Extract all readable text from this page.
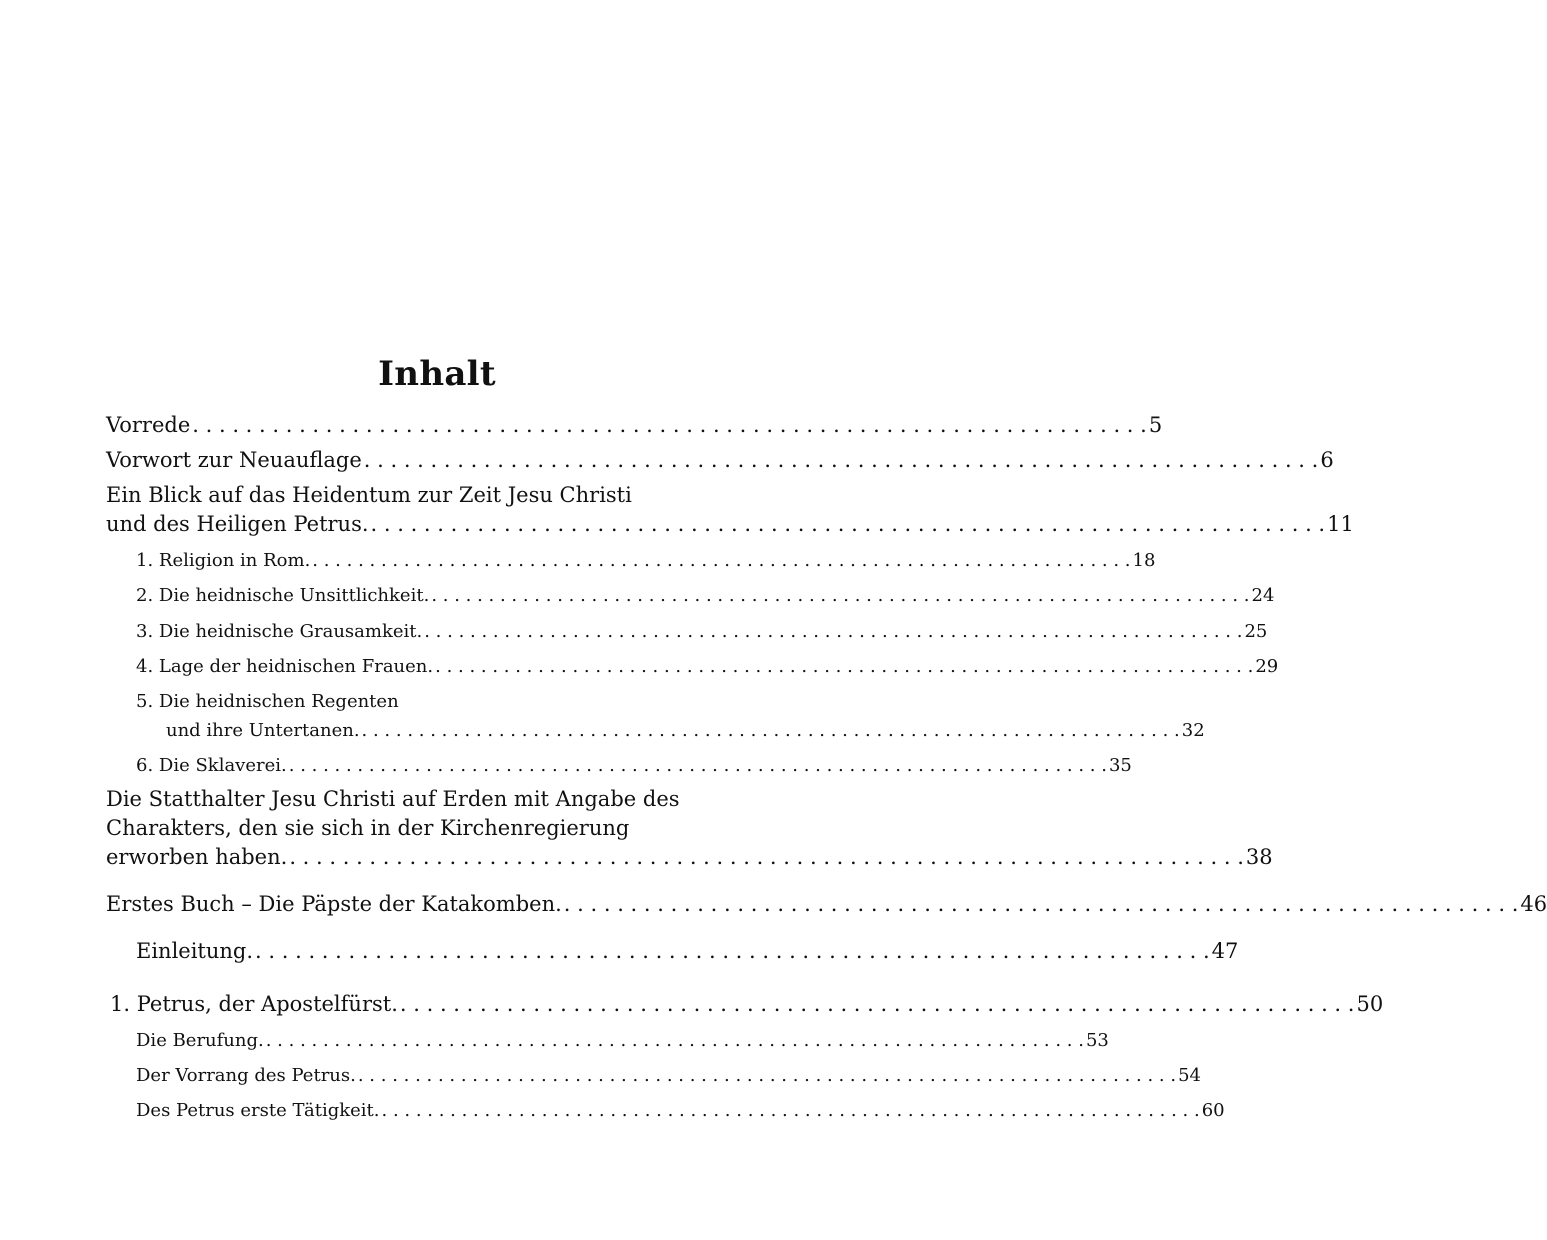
Inhalt
Vorrede . . . . . . . . . . . . . . . . . . . . . . . . . . . . . . . . . . . . . . . . . . . . . . . . . . . . . . . . . . . . . . . . . . . . . . . . 5
Vorwort zur Neuauflage . . . . . . . . . . . . . . . . . . . . . . . . . . . . . . . . . . . . . . . . . . . . . . . . . . . . . . . . . . . . . . . . . . . . . . . . 6
Ein Blick auf das Heidentum zur Zeit Jesu Christi
und des Heiligen Petrus. . . . . . . . . . . . . . . . . . . . . . . . . . . . . . . . . . . . . . . . . . . . . . . . . . . . . . . . . . . . . . . . . . . . . . . . . 11
1. Religion in Rom. . . . . . . . . . . . . . . . . . . . . . . . . . . . . . . . . . . . . . . . . . . . . . . . . . . . . . . . . . . . . . . . . . . . . . . . . 18
2. Die heidnische Unsittlichkeit. . . . . . . . . . . . . . . . . . . . . . . . . . . . . . . . . . . . . . . . . . . . . . . . . . . . . . . . . . . . . . . . . . . . . . . . . 24
3. Die heidnische Grausamkeit. . . . . . . . . . . . . . . . . . . . . . . . . . . . . . . . . . . . . . . . . . . . . . . . . . . . . . . . . . . . . . . . . . . . . . . . . 25
4. Lage der heidnischen Frauen. . . . . . . . . . . . . . . . . . . . . . . . . . . . . . . . . . . . . . . . . . . . . . . . . . . . . . . . . . . . . . . . . . . . . . . . . 29
5. Die heidnischen Regenten
und ihre Untertanen. . . . . . . . . . . . . . . . . . . . . . . . . . . . . . . . . . . . . . . . . . . . . . . . . . . . . . . . . . . . . . . . . . . . . . . . . 32
6. Die Sklaverei. . . . . . . . . . . . . . . . . . . . . . . . . . . . . . . . . . . . . . . . . . . . . . . . . . . . . . . . . . . . . . . . . . . . . . . . . 35
Die Statthalter Jesu Christi auf Erden mit Angabe des
Charakters, den sie sich in der Kirchenregierung
erworben haben. . . . . . . . . . . . . . . . . . . . . . . . . . . . . . . . . . . . . . . . . . . . . . . . . . . . . . . . . . . . . . . . . . . . . . . . . 38
Erstes Buch – Die Päpste der Katakomben. . . . . . . . . . . . . . . . . . . . . . . . . . . . . . . . . . . . . . . . . . . . . . . . . . . . . . . . . . . . . . . . . . . . . . . . . 46
Einleitung. . . . . . . . . . . . . . . . . . . . . . . . . . . . . . . . . . . . . . . . . . . . . . . . . . . . . . . . . . . . . . . . . . . . . . . . . 47
1. Petrus, der Apostelfürst. . . . . . . . . . . . . . . . . . . . . . . . . . . . . . . . . . . . . . . . . . . . . . . . . . . . . . . . . . . . . . . . . . . . . . . . . 50
Die Berufung. . . . . . . . . . . . . . . . . . . . . . . . . . . . . . . . . . . . . . . . . . . . . . . . . . . . . . . . . . . . . . . . . . . . . . . . . 53
Der Vorrang des Petrus. . . . . . . . . . . . . . . . . . . . . . . . . . . . . . . . . . . . . . . . . . . . . . . . . . . . . . . . . . . . . . . . . . . . . . . . . 54
Des Petrus erste Tätigkeit. . . . . . . . . . . . . . . . . . . . . . . . . . . . . . . . . . . . . . . . . . . . . . . . . . . . . . . . . . . . . . . . . . . . . . . . . 60
